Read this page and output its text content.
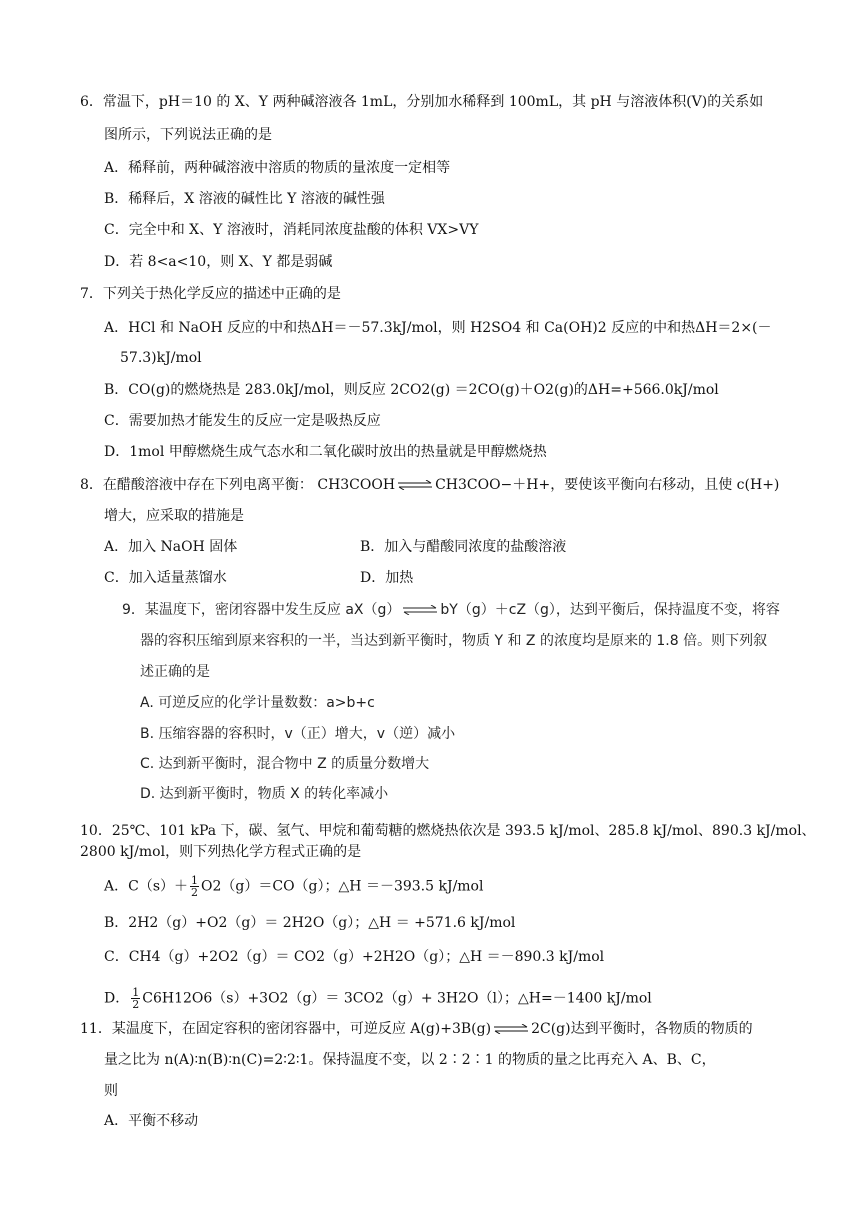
6．常温下，pH＝10 的 X、Y 两种碱溶液各 1mL，分别加水稀释到 100mL，其 pH 与溶液体积(V)的关系如
图所示，下列说法正确的是
A．稀释前，两种碱溶液中溶质的物质的量浓度一定相等
B．稀释后，X 溶液的碱性比 Y 溶液的碱性强
C．完全中和 X、Y 溶液时，消耗同浓度盐酸的体积 VX>VY
D．若 8<a<10，则 X、Y 都是弱碱
7．下列关于热化学反应的描述中正确的是
A．HCl 和 NaOH 反应的中和热ΔH＝－57.3kJ/mol，则 H2SO4 和 Ca(OH)2 反应的中和热ΔH＝2×(－
57.3)kJ/mol
B．CO(g)的燃烧热是 283.0kJ/mol，则反应 2CO2(g) ＝2CO(g)＋O2(g)的ΔH=+566.0kJ/mol
C．需要加热才能发生的反应一定是吸热反应
D．1mol 甲醇燃烧生成气态水和二氧化碳时放出的热量就是甲醇燃烧热
8．在醋酸溶液中存在下列电离平衡： CH3COOH ⇌ CH3COO−＋H+，要使该平衡向右移动，且使 c(H+)
增大，应采取的措施是
A．加入 NaOH 固体	B．加入与醋酸同浓度的盐酸溶液
C．加入适量蒸馏水	D．加热
9．某温度下，密闭容器中发生反应 aX（g） ⇌ bY（g）＋cZ（g），达到平衡后，保持温度不变，将容
器的容积压缩到原来容积的一半，当达到新平衡时，物质 Y 和 Z 的浓度均是原来的 1.8 倍。则下列叙
述正确的是
A. 可逆反应的化学计量数数：a>b+c
B. 压缩容器的容积时，v（正）增大，v（逆）减小
C. 达到新平衡时，混合物中 Z 的质量分数增大
D. 达到新平衡时，物质 X 的转化率减小
10．25℃、101 kPa 下，碳、氢气、甲烷和葡萄糖的燃烧热依次是 393.5 kJ/mol、285.8 kJ/mol、890.3 kJ/mol、
2800 kJ/mol，则下列热化学方程式正确的是
A．$C(s)+ \frac{1}{2} O2(g)=CO(g)$；△H ＝－393.5 kJ/mol
B．2H2（g）+O2（g）＝ 2H2O（g）；△H ＝ +571.6 kJ/mol
C．CH4（g）+2O2（g）＝ CO2（g）+2H2O（g）；△H ＝－890.3 kJ/mol
D． $\frac{1}{2} C6H12O6(s)+3O2(g)= 3CO2(g)+ 3H2O(l)$；△H=－1400 kJ/mol
11．某温度下，在固定容积的密闭容器中，可逆反应 A(g)+3B(g) ⇌ 2C(g)达到平衡时，各物质的物质的
量之比为 n(A)∶n(B)∶n(C)=2∶2∶1。保持温度不变，以 2∶2∶1 的物质的量之比再充入 A、B、C，
则
A．平衡不移动
